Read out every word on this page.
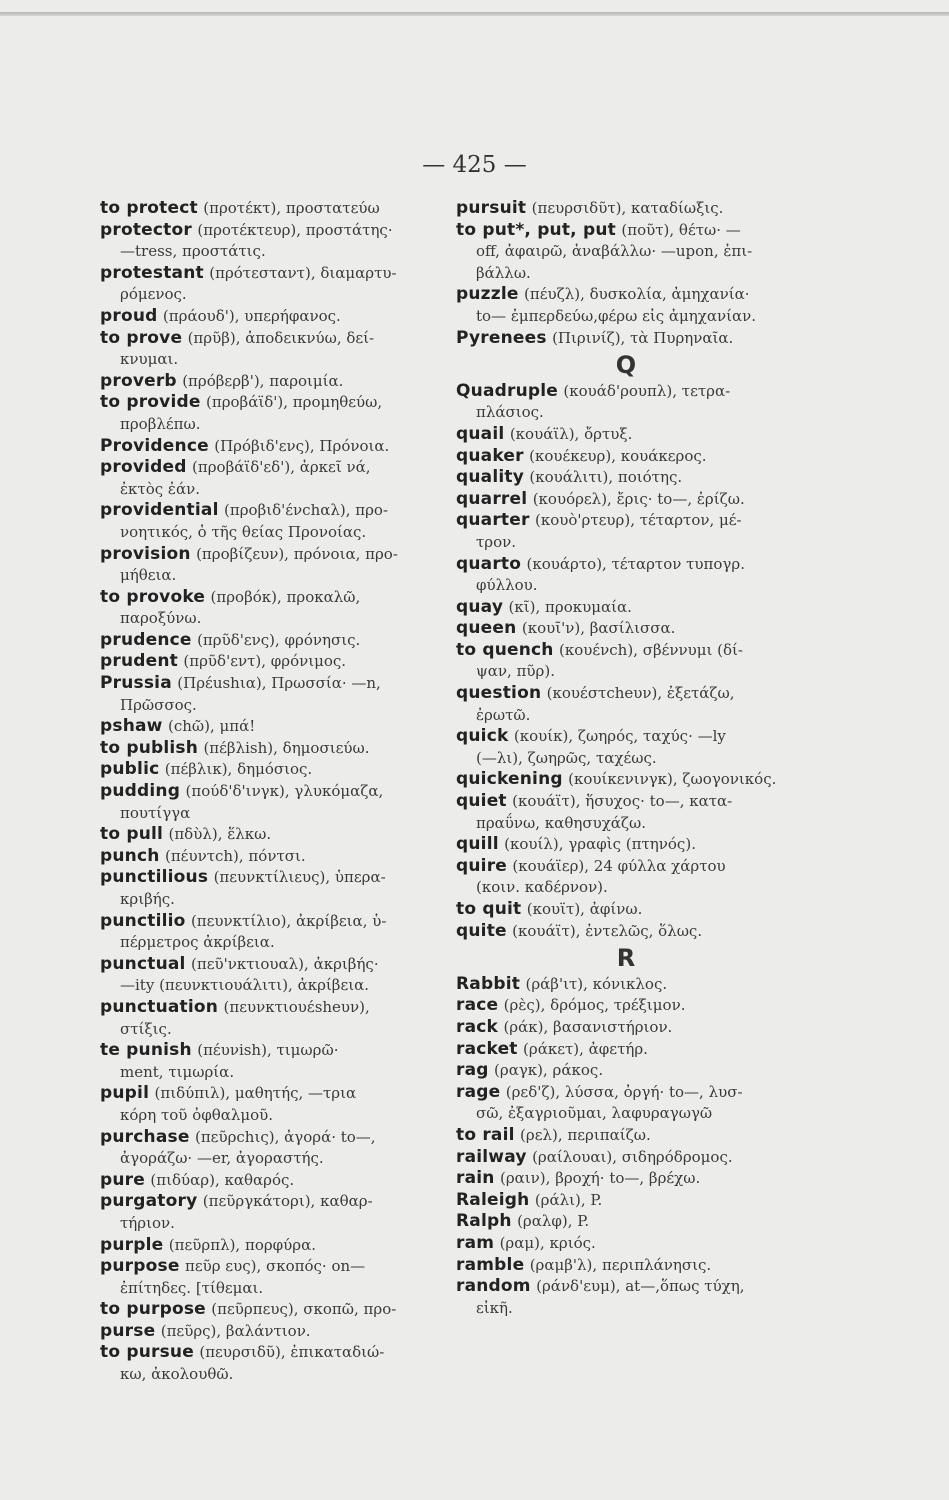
— 425 —
to protect (προτέκτ), προστατεύω
protector (προτέκτευρ), προστάτης·
—tress, προστάτις.
protestant (πρότεσταντ), διαμαρτυ-
ρόμενος.
proud (πράουδ'), υπερήφανος.
to prove (πρῦβ), ἀποδεικνύω, δεί-
κνυμαι.
proverb (πρόβερβ'), παροιμία.
to provide (προβάϊδ'), προμηθεύω,
προβλέπω.
Providence (Πρόβιδ'ενς), Πρόνοια.
provided (προβάϊδ'εδ'), ἀρκεῖ νά,
ἐκτὸς ἐάν.
providential (προβιδ'ένchαλ), προ-
νοητικός, ὁ τῆς θείας Προνοίας.
provision (προβίζευν), πρόνοια, προ-
μήθεια.
to provoke (προβόκ), προκαλῶ,
παροξύνω.
prudence (πρῦδ'ενς), φρόνησις.
prudent (πρῦδ'εντ), φρόνιμος.
Prussia (Πρέushια), Πρωσσία· —n,
Πρῶσσος.
pshaw (chῶ), μπά!
to publish (πέβλish), δημοσιεύω.
public (πέβλικ), δημόσιος.
pudding (πούδ'δ'ινγκ), γλυκόμαζα,
πουτίγγα
to pull (πδὺλ), ἕλκω.
punch (πέυντch), πόντσι.
punctilious (πευνκτίλιευς), ὑπερα-
κριβής.
punctilio (πευνκτίλιο), ἀκρίβεια, ὑ-
πέρμετρος ἀκρίβεια.
punctual (πεῦ'νκτιουαλ), ἀκριβής·
—ity (πευνκτιουάλιτι), ἀκρίβεια.
punctuation (πευνκτιουέsheυν),
στίξις.
te punish (πέυνish), τιμωρῶ·
ment, τιμωρία.
pupil (πιδύπιλ), μαθητής, —τρια
κόρη τοῦ ὀφθαλμοῦ.
purchase (πεῦρchις), ἀγορά· to—,
ἀγοράζω· —er, ἀγοραστής.
pure (πιδύαρ), καθαρός.
purgatory (πεῦργκάτορι), καθαρ-
τήριον.
purple (πεῦρπλ), πορφύρα.
purpose πεῦρ ευς), σκοπός· on—
ἐπίτηδες. [τίθεμαι.
to purpose (πεῦρπευς), σκοπῶ, προ-
purse (πεῦρς), βαλάντιον.
to pursue (πευρσιδῦ), ἐπικαταδιώ-
κω, ἀκολουθῶ.
pursuit (πευρσιδῦτ), καταδίωξις.
to put*, put, put (ποῦτ), θέτω· —
off, ἀφαιρῶ, ἀναβάλλω· —upon, ἐπι-
βάλλω.
puzzle (πέυζλ), δυσκολία, ἀμηχανία·
to— ἐμπερδεύω,φέρω εἰς ἀμηχανίαν.
Pyrenees (Πιρινίζ), τὰ Πυρηναῖα.
Q
Quadruple (κουάδ'ρουπλ), τετρα-
πλάσιος.
quail (κουάϊλ), ὄρτυξ.
quaker (κουέκευρ), κουάκερος.
quality (κουάλιτι), ποιότης.
quarrel (κουόρελ), ἔρις· to—, ἐρίζω.
quarter (κουὸ'ρτευρ), τέταρτον, μέ-
τρον.
quarto (κουάρτο), τέταρτον τυπογρ.
φύλλου.
quay (κῖ), προκυμαία.
queen (κουῖ'ν), βασίλισσα.
to quench (κουένch), σβέννυμι (δί-
ψαν, πῦρ).
question (κουέστcheυν), ἐξετάζω,
ἐρωτῶ.
quick (κουίκ), ζωηρός, ταχύς· —ly
(—λι), ζωηρῶς, ταχέως.
quickening (κουίκενινγκ), ζωογονικός.
quiet (κουάϊτ), ἥσυχος· to—, κατα-
πραΰνω, καθησυχάζω.
quill (κουίλ), γραφὶς (πτηνός).
quire (κουάϊερ), 24 φύλλα χάρτου
(κοιν. καδέρνον).
to quit (κουϊτ), ἀφίνω.
quite (κουάϊτ), ἐντελῶς, ὅλως.
R
Rabbit (ράβ'ιτ), κόνικλος.
race (ρὲς), δρόμος, τρέξιμον.
rack (ράκ), βασανιστήριον.
racket (ράκετ), ἀφετήρ.
rag (ραγκ), ράκος.
rage (ρεδ'ζ), λύσσα, ὀργή· to—, λυσ-
σῶ, ἐξαγριοῦμαι, λαφυραγωγῶ
to rail (ρελ), περιπαίζω.
railway (ραίλουαι), σιδηρόδρομος.
rain (ραιν), βροχή· to—, βρέχω.
Raleigh (ράλι), P.
Ralph (ραλφ), P.
ram (ραμ), κριός.
ramble (ραμβ'λ), περιπλάνησις.
random (ράνδ'ευμ), at—,ὅπως τύχη,
εἰκῆ.
